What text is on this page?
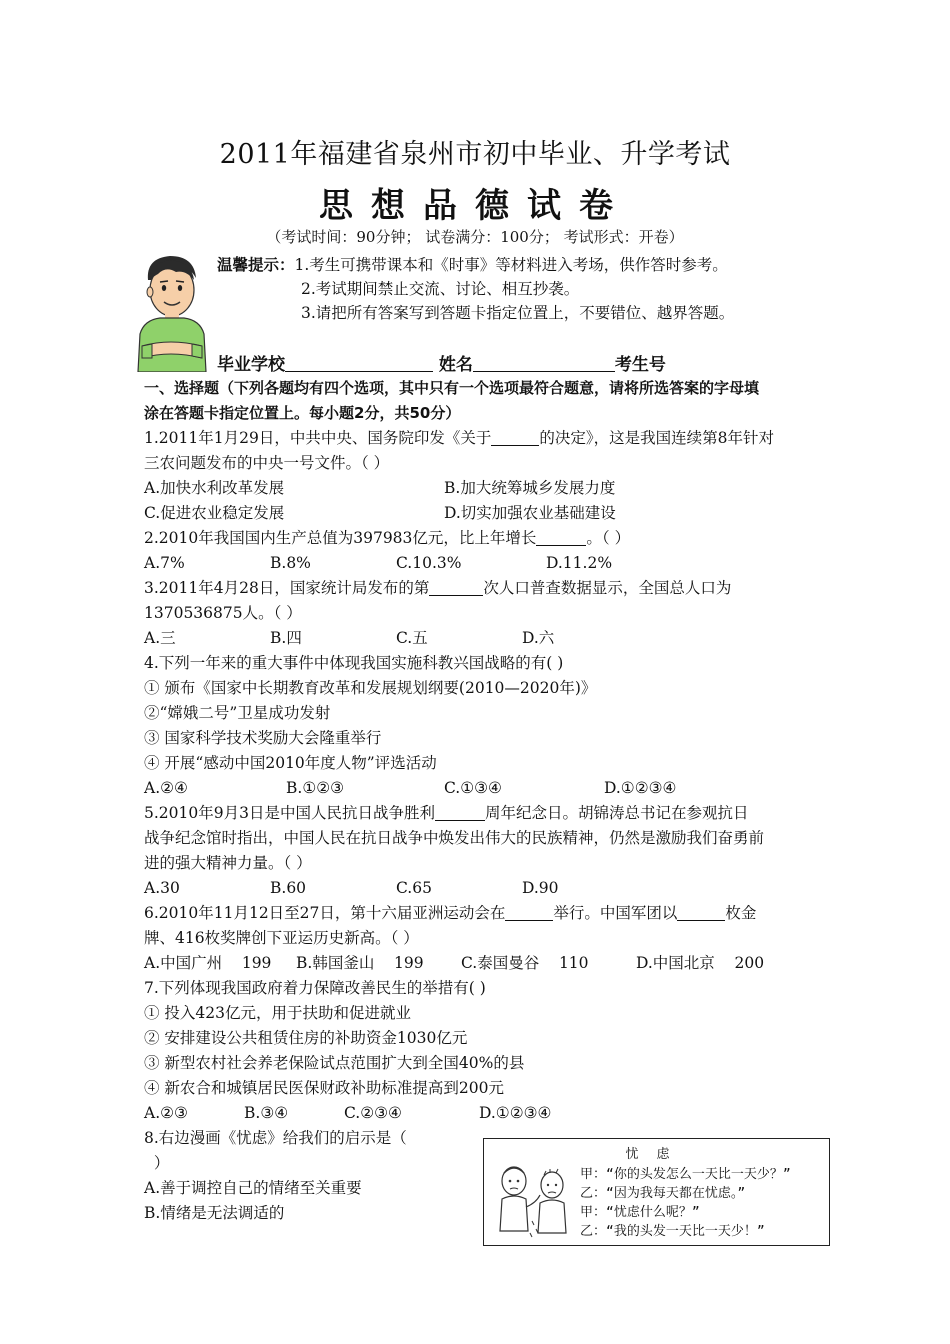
2011年福建省泉州市初中毕业、升学考试
思想品德试卷
（考试时间：90分钟； 试卷满分：100分； 考试形式：开卷）
温馨提示：1.考生可携带课本和《时事》等材料进入考场，供作答时参考。
2.考试期间禁止交流、讨论、相互抄袭。
3.请把所有答案写到答题卡指定位置上，不要错位、越界答题。
毕业学校	姓名	考生号

一、选择题（下列各题均有四个选项，其中只有一个选项最符合题意，请将所选答案的字母填

涂在答题卡指定位置上。每小题2分，共50分）

1.2011年1月29日，中共中央、国务院印发《关于	的决定》，这是我国连续第8年针对

三农问题发布的中央一号文件。（ ）

A.加快水利改革发展	B.加大统筹城乡发展力度
C.促进农业稳定发展	D.切实加强农业基础建设

2.2010年我国国内生产总值为397983亿元，比上年增长	。（ ）

A.7%	B.8%	C.10.3%	D.11.2%

3.2011年4月28日，国家统计局发布的第	次人口普查数据显示，全国总人口为

1370536875人。（ ）

A.三	B.四	C.五	D.六

4.下列一年来的重大事件中体现我国实施科教兴国战略的有( )

① 颁布《国家中长期教育改革和发展规划纲要(2010—2020年)》

②“嫦娥二号”卫星成功发射

③ 国家科学技术奖励大会隆重举行

④ 开展“感动中国2010年度人物”评选活动

A.②④	B.①②③	C.①③④	D.①②③④

5.2010年9月3日是中国人民抗日战争胜利	周年纪念日。胡锦涛总书记在参观抗日

战争纪念馆时指出，中国人民在抗日战争中焕发出伟大的民族精神，仍然是激励我们奋勇前

进的强大精神力量。（ ）

A.30	B.60	C.65	D.90

6.2010年11月12日至27日，第十六届亚洲运动会在	举行。中国军团以	枚金

牌、416枚奖牌创下亚运历史新高。（ ）

A.中国广州    199	B.韩国釜山    199	C.泰国曼谷    110	D.中国北京    200

7.下列体现我国政府着力保障改善民生的举措有( )

① 投入423亿元，用于扶助和促进就业

② 安排建设公共租赁住房的补助资金1030亿元

③ 新型农村社会养老保险试点范围扩大到全国40%的县

④ 新农合和城镇居民医保财政补助标准提高到200元

A.②③	B.③④	C.②③④	D.①②③④

8.右边漫画《忧虑》给我们的启示是（

）

A.善于调控自己的情绪至关重要

B.情绪是无法调适的

忧虑
甲：“你的头发怎么一天比一天少？”
乙：“因为我每天都在忧虑。”
甲：“忧虑什么呢？”
乙：“我的头发一天比一天少！”
